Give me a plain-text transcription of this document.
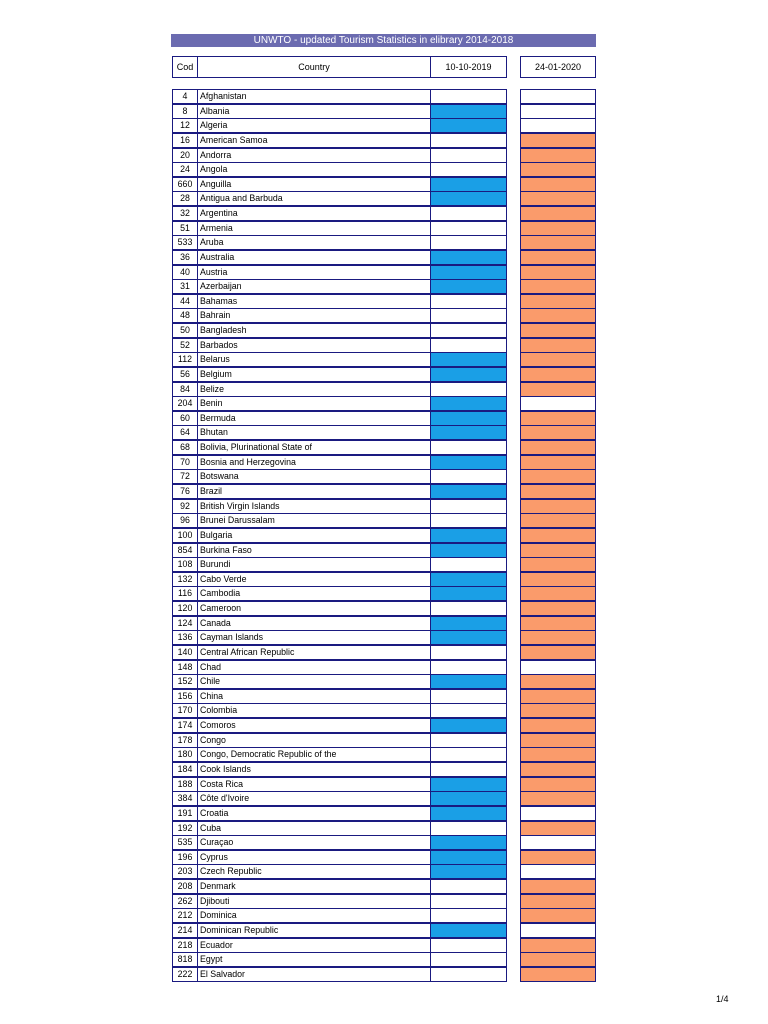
UNWTO - updated Tourism Statistics in elibrary 2014-2018
Cod	Country	10-10-2019	24-01-2020
4	Afghanistan
8	Albania
12	Algeria
16	American Samoa
20	Andorra
24	Angola
660 Anguilla
28	Antigua and Barbuda
32	Argentina
51	Armenia
533 Aruba
36	Australia
40	Austria
31	Azerbaijan
44	Bahamas
48	Bahrain
50	Bangladesh
52	Barbados
112 Belarus
56	Belgium
84	Belize
204 Benin
60	Bermuda
64	Bhutan
68	Bolivia, Plurinational State of
70	Bosnia and Herzegovina
72	Botswana
76	Brazil
92	British Virgin Islands
96	Brunei Darussalam
100 Bulgaria
854 Burkina Faso
108 Burundi
132 Cabo Verde
116 Cambodia
120 Cameroon
124 Canada
136 Cayman Islands
140 Central African Republic
148 Chad
152 Chile
156 China
170 Colombia
174 Comoros
178 Congo
180 Congo, Democratic Republic of the
184 Cook Islands
188 Costa Rica
384 Côte d'Ivoire
191 Croatia
192 Cuba
535 Curaçao
196 Cyprus
203 Czech Republic
208 Denmark
262 Djibouti
212 Dominica
214 Dominican Republic
218 Ecuador
818 Egypt
222 El Salvador
1/4
